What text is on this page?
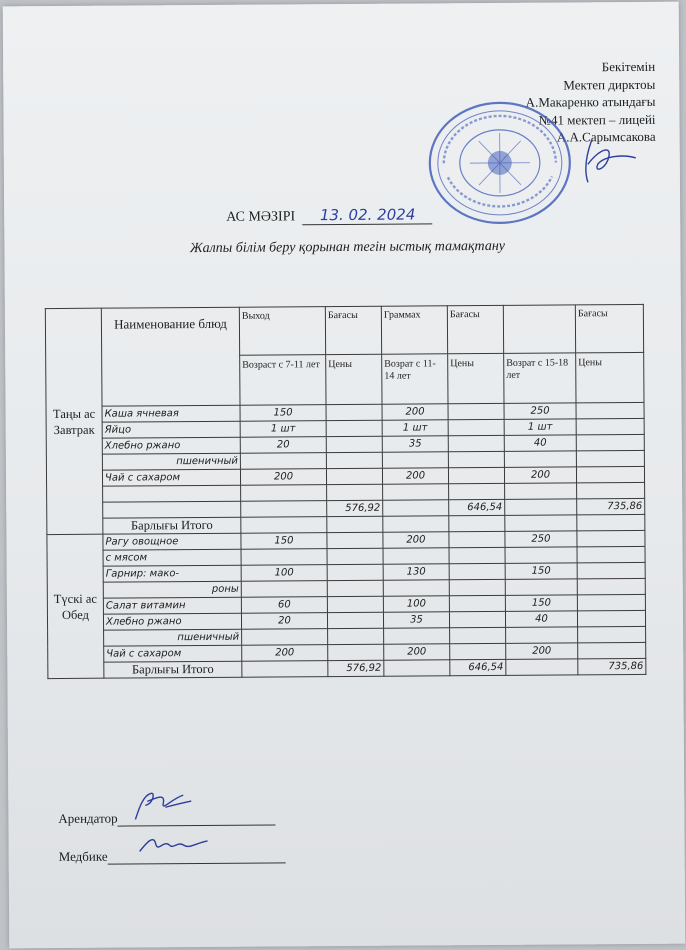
Бекітемін
Мектеп дирктоы
А.Макаренко атындағы
№41 мектеп – лицейі
А.А.Сарымсакова
АС МӘЗІРІ 13. 02. 2024
Жалпы білім беру қорынан тегін ыстық тамақтану
Таңы ас Завтрак	Наименование блюд	Выход	Бағасы	Граммах	Бағасы		Бағасы
		Возраст с 7-11 лет	Цены	Возрат с 11-14 лет	Цены	Возрат с 15-18 лет	Цены
	Каша ячневая	150		200		250	
	Яйцо	1 шт		1 шт		1 шт	
	Хлебно ржано	20		35		40	
	пшеничный						
	Чай с сахаром	200		200		200	

			576,92		646,54		735,86
	Барлығы Итого						
Түскі ас Обед	Рагу овощное	150		200		250	
	с мясом						
	Гарнир: мако-	100		130		150	
	роны						
	Салат витамин	60		100		150	
	Хлебно ржано	20		35		40	
	пшеничный						
	Чай с сахаром	200		200		200	
	Барлығы Итого		576,92		646,54		735,86
Арендатор
Медбике
